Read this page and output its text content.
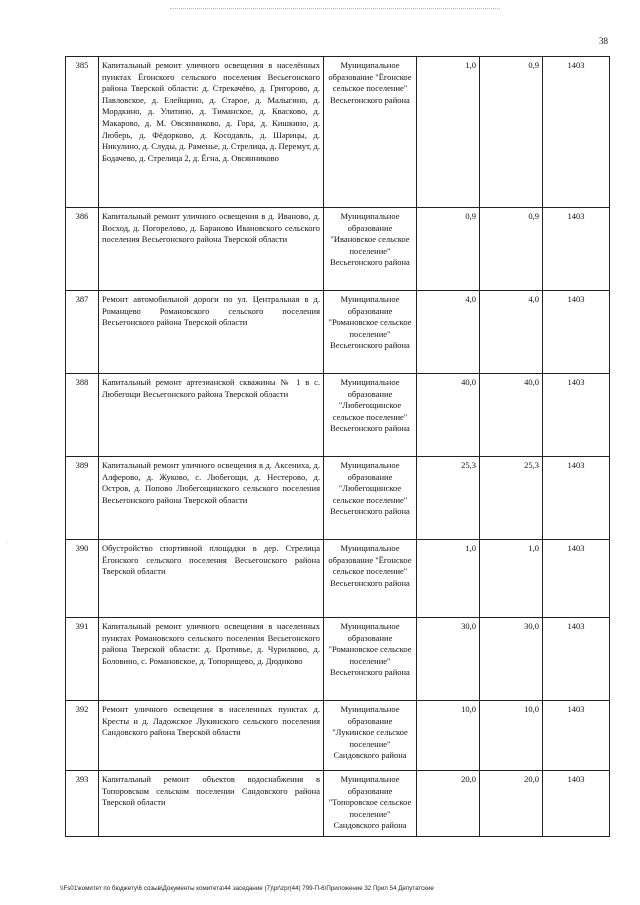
38
385	Капитальный ремонт уличного освещения в населённых пунктах Ёгонского сельского поселения Весьегонского района Тверской области: д. Стрекачёво, д. Григорово, д. Павловское, д. Елейщино, д. Старое, д. Малыгино, д. Мордкино, д. Улитино, д. Тиманское, д. Квасково, д. Макарово, д. М. Овсянниково, д. Гора, д. Кишкино, д. Люберь, д. Фёдорково, д. Косодавль, д. Шарицы, д. Никулино, д. Слуды, д. Раменье, д. Стрелица, д. Перемут, д. Бодачево, д. Стрелица 2, д. Ёгна, д. Овсянниково	Муниципальное образование "Ёгонское сельское поселение" Весьегонского района	1,0	0,9	1403
386	Капитальный ремонт уличного освещения в д. Иваново, д. Восход, д. Погорелово, д. Бараново Ивановского сельского поселения Весьегонского района Тверской области	Муниципальное образование "Ивановское сельское поселение" Весьегонского района	0,9	0,9	1403
387	Ремонт автомобильной дороги по ул. Центральная в д. Романцево Романовского сельского поселения Весьегонского района Тверской области	Муниципальное образование "Романовское сельское поселение" Весьегонского района	4,0	4,0	1403
388	Капитальный ремонт артезианской скважины № 1 в с. Любегощи Весьегонского района Тверской области	Муниципальное образование "Любегощинское сельское поселение" Весьегонского района	40,0	40,0	1403
389	Капитальный ремонт уличного освещения в д. Аксениха, д. Алферово, д. Жуково, с. Любегощи, д. Нестерово, д. Остров, д. Попово Любегощинского сельского поселения Весьегонского района Тверской области	Муниципальное образование "Любегощинское сельское поселение" Весьегонского района	25,3	25,3	1403
390	Обустройство спортивной площадки в дер. Стрелица Ёгонского сельского поселения Весьегонского района Тверской области	Муниципальное образование "Ёгонское сельское поселение" Весьегонского района	1,0	1,0	1403
391	Капитальный ремонт уличного освещения в населенных пунктах Романовского сельского поселения Весьегонского района Тверской области: д. Противье, д. Чурилково, д. Боловино, с. Романовское, д. Топорищево, д. Дюдиково	Муниципальное образование "Романовское сельское поселение" Весьегонского района	30,0	30,0	1403
392	Ремонт уличного освещения в населенных пунктах д. Кресты и д. Ладожское Лукинского сельского поселения Сандовского района Тверской области	Муниципальное образование "Лукинское сельское поселение" Сандовского района	10,0	10,0	1403
393	Капитальный ремонт объектов водоснабжения в Топоровском сельском поселении Сандовского района Тверской области	Муниципальное образование "Топоровское сельское поселение" Сандовского района	20,0	20,0	1403
·
\\Fs01\комитет по бюджету\6 созыв\Документы комитета\44 заседание (7)\pr\zpr(44) 799-П-6\Приложение 32 Прил 54 Депутатские
